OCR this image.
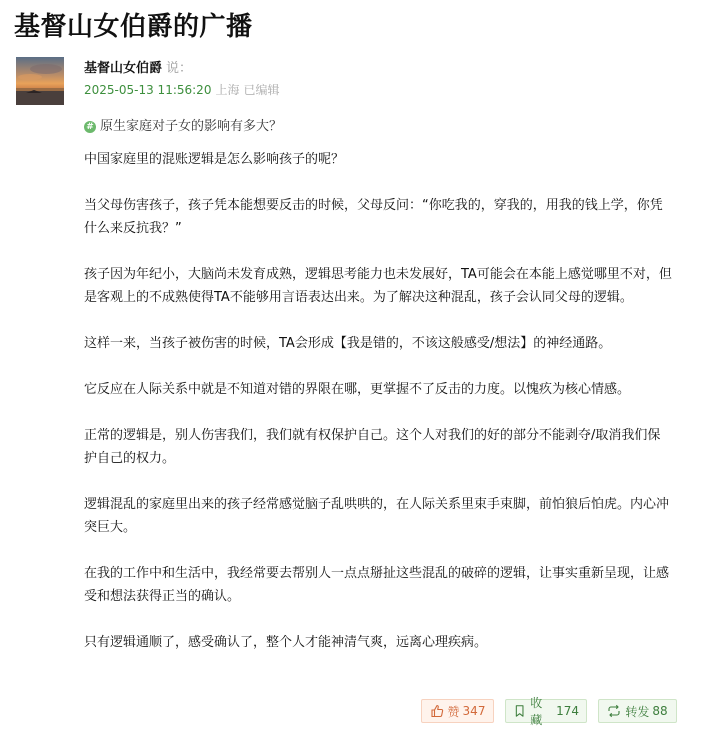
基督山女伯爵的广播
基督山女伯爵 说：
2025-05-13 11:56:20 上海 已编辑
# 原生家庭对子女的影响有多大？

中国家庭里的混账逻辑是怎么影响孩子的呢？

当父母伤害孩子，孩子凭本能想要反击的时候，父母反问：“你吃我的，穿我的，用我的钱上学，你凭什么来反抗我？”

孩子因为年纪小，大脑尚未发育成熟，逻辑思考能力也未发展好，TA可能会在本能上感觉哪里不对，但是客观上的不成熟使得TA不能够用言语表达出来。为了解决这种混乱，孩子会认同父母的逻辑。

这样一来，当孩子被伤害的时候，TA会形成【我是错的，不该这般感受/想法】的神经通路。

它反应在人际关系中就是不知道对错的界限在哪，更掌握不了反击的力度。以愧疚为核心情感。

正常的逻辑是，别人伤害我们，我们就有权保护自己。这个人对我们的好的部分不能剥夺/取消我们保护自己的权力。

逻辑混乱的家庭里出来的孩子经常感觉脑子乱哄哄的，在人际关系里束手束脚，前怕狼后怕虎。内心冲突巨大。

在我的工作中和生活中，我经常要去帮别人一点点掰扯这些混乱的破碎的逻辑，让事实重新呈现，让感受和想法获得正当的确认。

只有逻辑通顺了，感受确认了，整个人才能神清气爽，远离心理疾病。

赞 347
收藏
174	转发 88
